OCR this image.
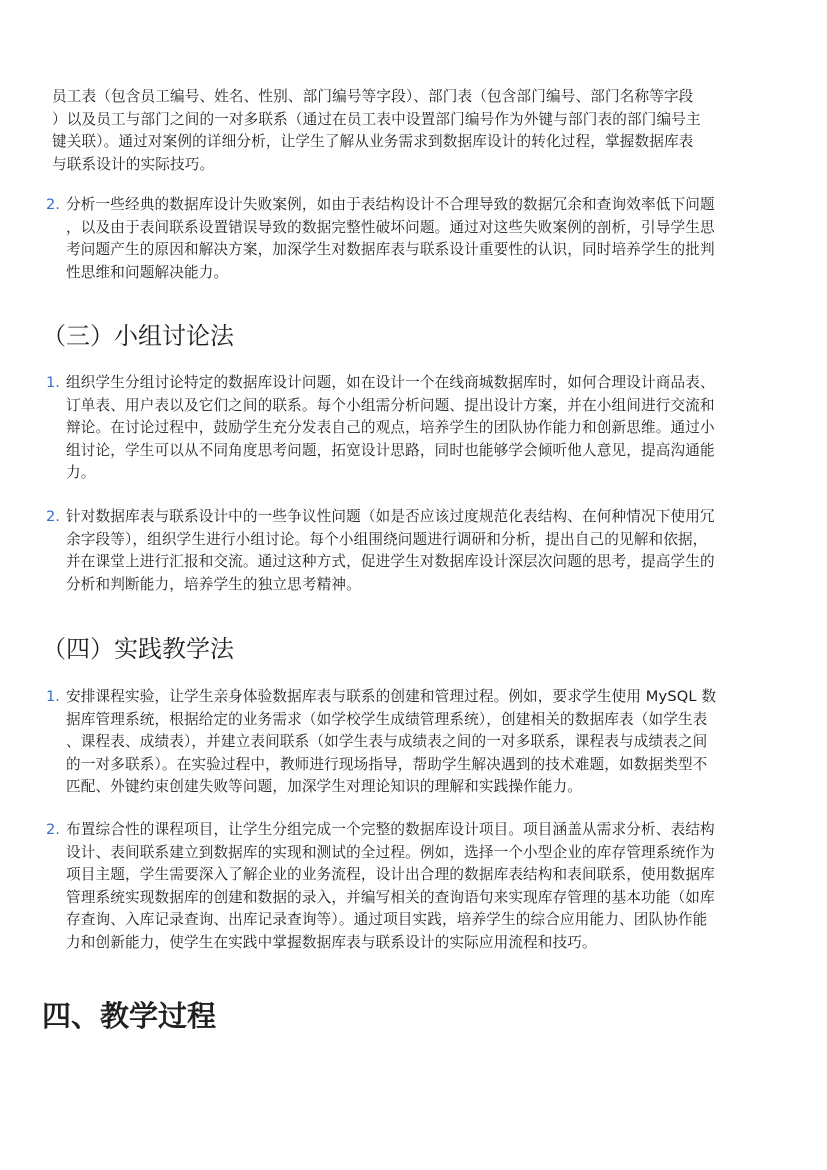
员工表（包含员工编号、姓名、性别、部门编号等字段）、部门表（包含部门编号、部门名称等字段
）以及员工与部门之间的一对多联系（通过在员工表中设置部门编号作为外键与部门表的部门编号主
键关联）。通过对案例的详细分析，让学生了解从业务需求到数据库设计的转化过程，掌握数据库表
与联系设计的实际技巧。
2. 分析一些经典的数据库设计失败案例，如由于表结构设计不合理导致的数据冗余和查询效率低下问题
，以及由于表间联系设置错误导致的数据完整性破坏问题。通过对这些失败案例的剖析，引导学生思
考问题产生的原因和解决方案，加深学生对数据库表与联系设计重要性的认识，同时培养学生的批判
性思维和问题解决能力。
（三）小组讨论法
1. 组织学生分组讨论特定的数据库设计问题，如在设计一个在线商城数据库时，如何合理设计商品表、
订单表、用户表以及它们之间的联系。每个小组需分析问题、提出设计方案，并在小组间进行交流和
辩论。在讨论过程中，鼓励学生充分发表自己的观点，培养学生的团队协作能力和创新思维。通过小
组讨论，学生可以从不同角度思考问题，拓宽设计思路，同时也能够学会倾听他人意见，提高沟通能
力。
2. 针对数据库表与联系设计中的一些争议性问题（如是否应该过度规范化表结构、在何种情况下使用冗
余字段等），组织学生进行小组讨论。每个小组围绕问题进行调研和分析，提出自己的见解和依据，
并在课堂上进行汇报和交流。通过这种方式，促进学生对数据库设计深层次问题的思考，提高学生的
分析和判断能力，培养学生的独立思考精神。
（四）实践教学法
1. 安排课程实验，让学生亲身体验数据库表与联系的创建和管理过程。例如，要求学生使用 MySQL 数
据库管理系统，根据给定的业务需求（如学校学生成绩管理系统），创建相关的数据库表（如学生表
、课程表、成绩表），并建立表间联系（如学生表与成绩表之间的一对多联系，课程表与成绩表之间
的一对多联系）。在实验过程中，教师进行现场指导，帮助学生解决遇到的技术难题，如数据类型不
匹配、外键约束创建失败等问题，加深学生对理论知识的理解和实践操作能力。
2. 布置综合性的课程项目，让学生分组完成一个完整的数据库设计项目。项目涵盖从需求分析、表结构
设计、表间联系建立到数据库的实现和测试的全过程。例如，选择一个小型企业的库存管理系统作为
项目主题，学生需要深入了解企业的业务流程，设计出合理的数据库表结构和表间联系，使用数据库
管理系统实现数据库的创建和数据的录入，并编写相关的查询语句来实现库存管理的基本功能（如库
存查询、入库记录查询、出库记录查询等）。通过项目实践，培养学生的综合应用能力、团队协作能
力和创新能力，使学生在实践中掌握数据库表与联系设计的实际应用流程和技巧。
四、教学过程
